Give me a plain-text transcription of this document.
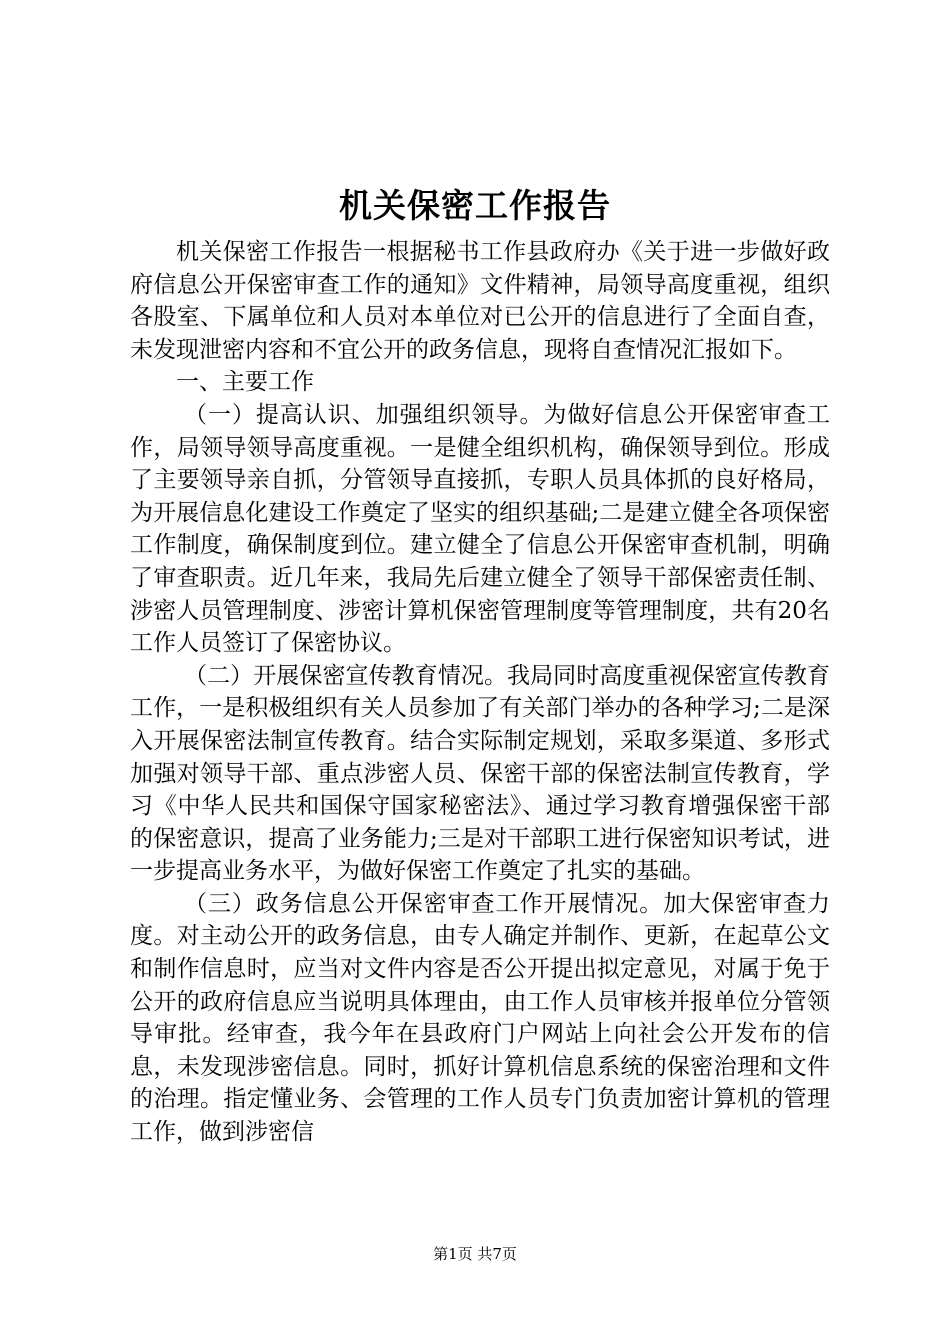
机关保密工作报告

机关保密工作报告一根据秘书工作县政府办《关于进一步做好政府信息公开保密审查工作的通知》文件精神，局领导高度重视，组织各股室、下属单位和人员对本单位对已公开的信息进行了全面自查，未发现泄密内容和不宜公开的政务信息，现将自查情况汇报如下。

一、主要工作

（一）提高认识、加强组织领导。为做好信息公开保密审查工作，局领导领导高度重视。一是健全组织机构，确保领导到位。形成了主要领导亲自抓，分管领导直接抓，专职人员具体抓的良好格局，为开展信息化建设工作奠定了坚实的组织基础;二是建立健全各项保密工作制度，确保制度到位。建立健全了信息公开保密审查机制，明确了审查职责。近几年来，我局先后建立健全了领导干部保密责任制、涉密人员管理制度、涉密计算机保密管理制度等管理制度，共有20名工作人员签订了保密协议。

（二）开展保密宣传教育情况。我局同时高度重视保密宣传教育工作，一是积极组织有关人员参加了有关部门举办的各种学习;二是深入开展保密法制宣传教育。结合实际制定规划，采取多渠道、多形式加强对领导干部、重点涉密人员、保密干部的保密法制宣传教育，学习《中华人民共和国保守国家秘密法》、通过学习教育增强保密干部的保密意识，提高了业务能力;三是对干部职工进行保密知识考试，进一步提高业务水平，为做好保密工作奠定了扎实的基础。

（三）政务信息公开保密审查工作开展情况。加大保密审查力度。对主动公开的政务信息，由专人确定并制作、更新，在起草公文和制作信息时，应当对文件内容是否公开提出拟定意见，对属于免于公开的政府信息应当说明具体理由，由工作人员审核并报单位分管领导审批。经审查，我今年在县政府门户网站上向社会公开发布的信息，未发现涉密信息。同时，抓好计算机信息系统的保密治理和文件的治理。指定懂业务、会管理的工作人员专门负责加密计算机的管理工作，做到涉密信

第1页 共7页
